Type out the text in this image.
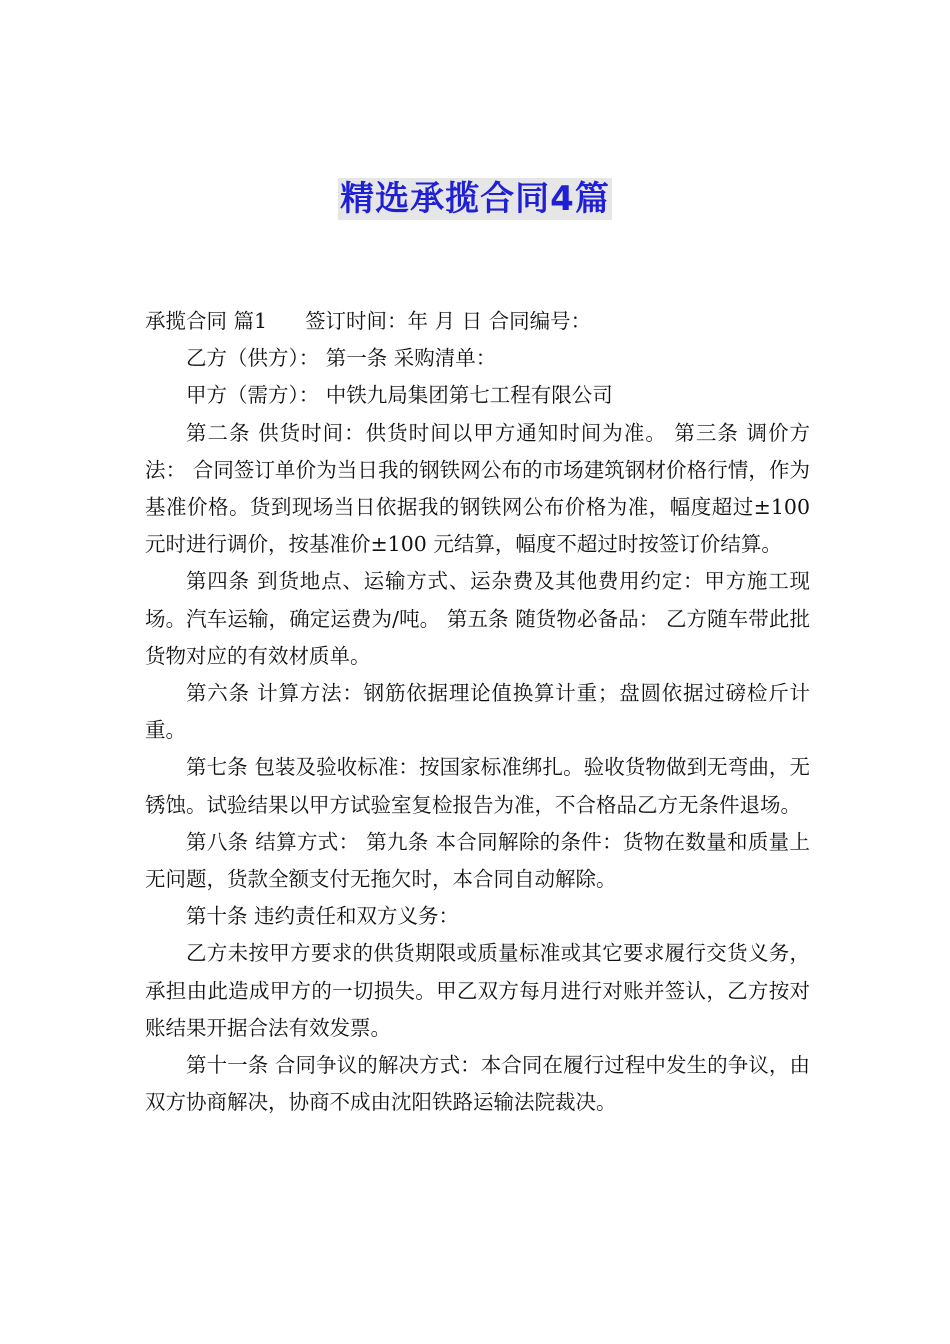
精选承揽合同4篇

承揽合同 篇1 签订时间：年 月 日 合同编号：

乙方（供方）： 第一条 采购清单：

甲方（需方）： 中铁九局集团第七工程有限公司

第二条 供货时间：供货时间以甲方通知时间为准。 第三条 调价方法： 合同签订单价为当日我的钢铁网公布的市场建筑钢材价格行情，作为基准价格。货到现场当日依据我的钢铁网公布价格为准，幅度超过±100 元时进行调价，按基准价±100 元结算，幅度不超过时按签订价结算。

第四条 到货地点、运输方式、运杂费及其他费用约定：甲方施工现场。汽车运输，确定运费为/吨。 第五条 随货物必备品： 乙方随车带此批货物对应的有效材质单。

第六条 计算方法：钢筋依据理论值换算计重；盘圆依据过磅检斤计重。

第七条 包装及验收标准：按国家标准绑扎。验收货物做到无弯曲，无锈蚀。试验结果以甲方试验室复检报告为准，不合格品乙方无条件退场。

第八条 结算方式： 第九条 本合同解除的条件：货物在数量和质量上无问题，货款全额支付无拖欠时，本合同自动解除。

第十条 违约责任和双方义务：

乙方未按甲方要求的供货期限或质量标准或其它要求履行交货义务，承担由此造成甲方的一切损失。甲乙双方每月进行对账并签认，乙方按对账结果开据合法有效发票。

第十一条 合同争议的解决方式：本合同在履行过程中发生的争议，由双方协商解决，协商不成由沈阳铁路运输法院裁决。
